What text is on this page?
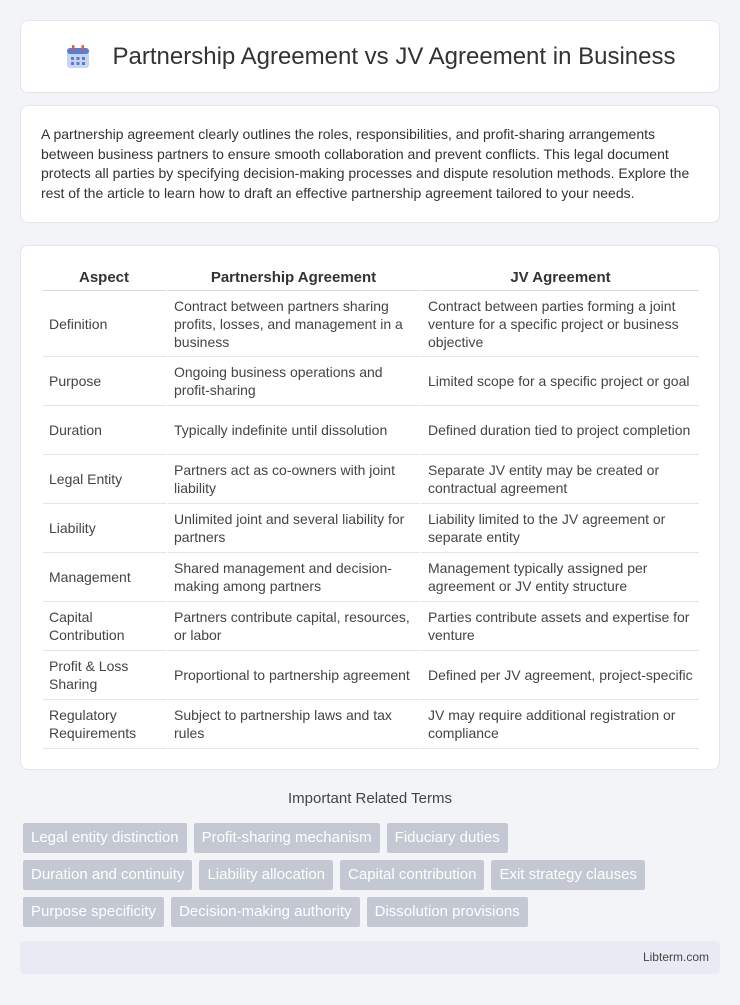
Partnership Agreement vs JV Agreement in Business

A partnership agreement clearly outlines the roles, responsibilities, and profit-sharing arrangements between business partners to ensure smooth collaboration and prevent conflicts. This legal document protects all parties by specifying decision-making processes and dispute resolution methods. Explore the rest of the article to learn how to draft an effective partnership agreement tailored to your needs.

Aspect	Partnership Agreement	JV Agreement
Definition	Contract between partners sharing profits, losses, and management in a business	Contract between parties forming a joint venture for a specific project or business objective
Purpose	Ongoing business operations and profit-sharing	Limited scope for a specific project or goal
Duration	Typically indefinite until dissolution	Defined duration tied to project completion
Legal Entity	Partners act as co-owners with joint liability	Separate JV entity may be created or contractual agreement
Liability	Unlimited joint and several liability for partners	Liability limited to the JV agreement or separate entity
Management	Shared management and decision-making among partners	Management typically assigned per agreement or JV entity structure
Capital Contribution	Partners contribute capital, resources, or labor	Parties contribute assets and expertise for venture
Profit & Loss Sharing	Proportional to partnership agreement	Defined per JV agreement, project-specific
Regulatory Requirements	Subject to partnership laws and tax rules	JV may require additional registration or compliance
Important Related Terms
Legal entity distinction	Profit-sharing mechanism	Fiduciary duties
Duration and continuity	Liability allocation	Capital contribution	Exit strategy clauses
Purpose specificity	Decision-making authority	Dissolution provisions
Libterm.com
